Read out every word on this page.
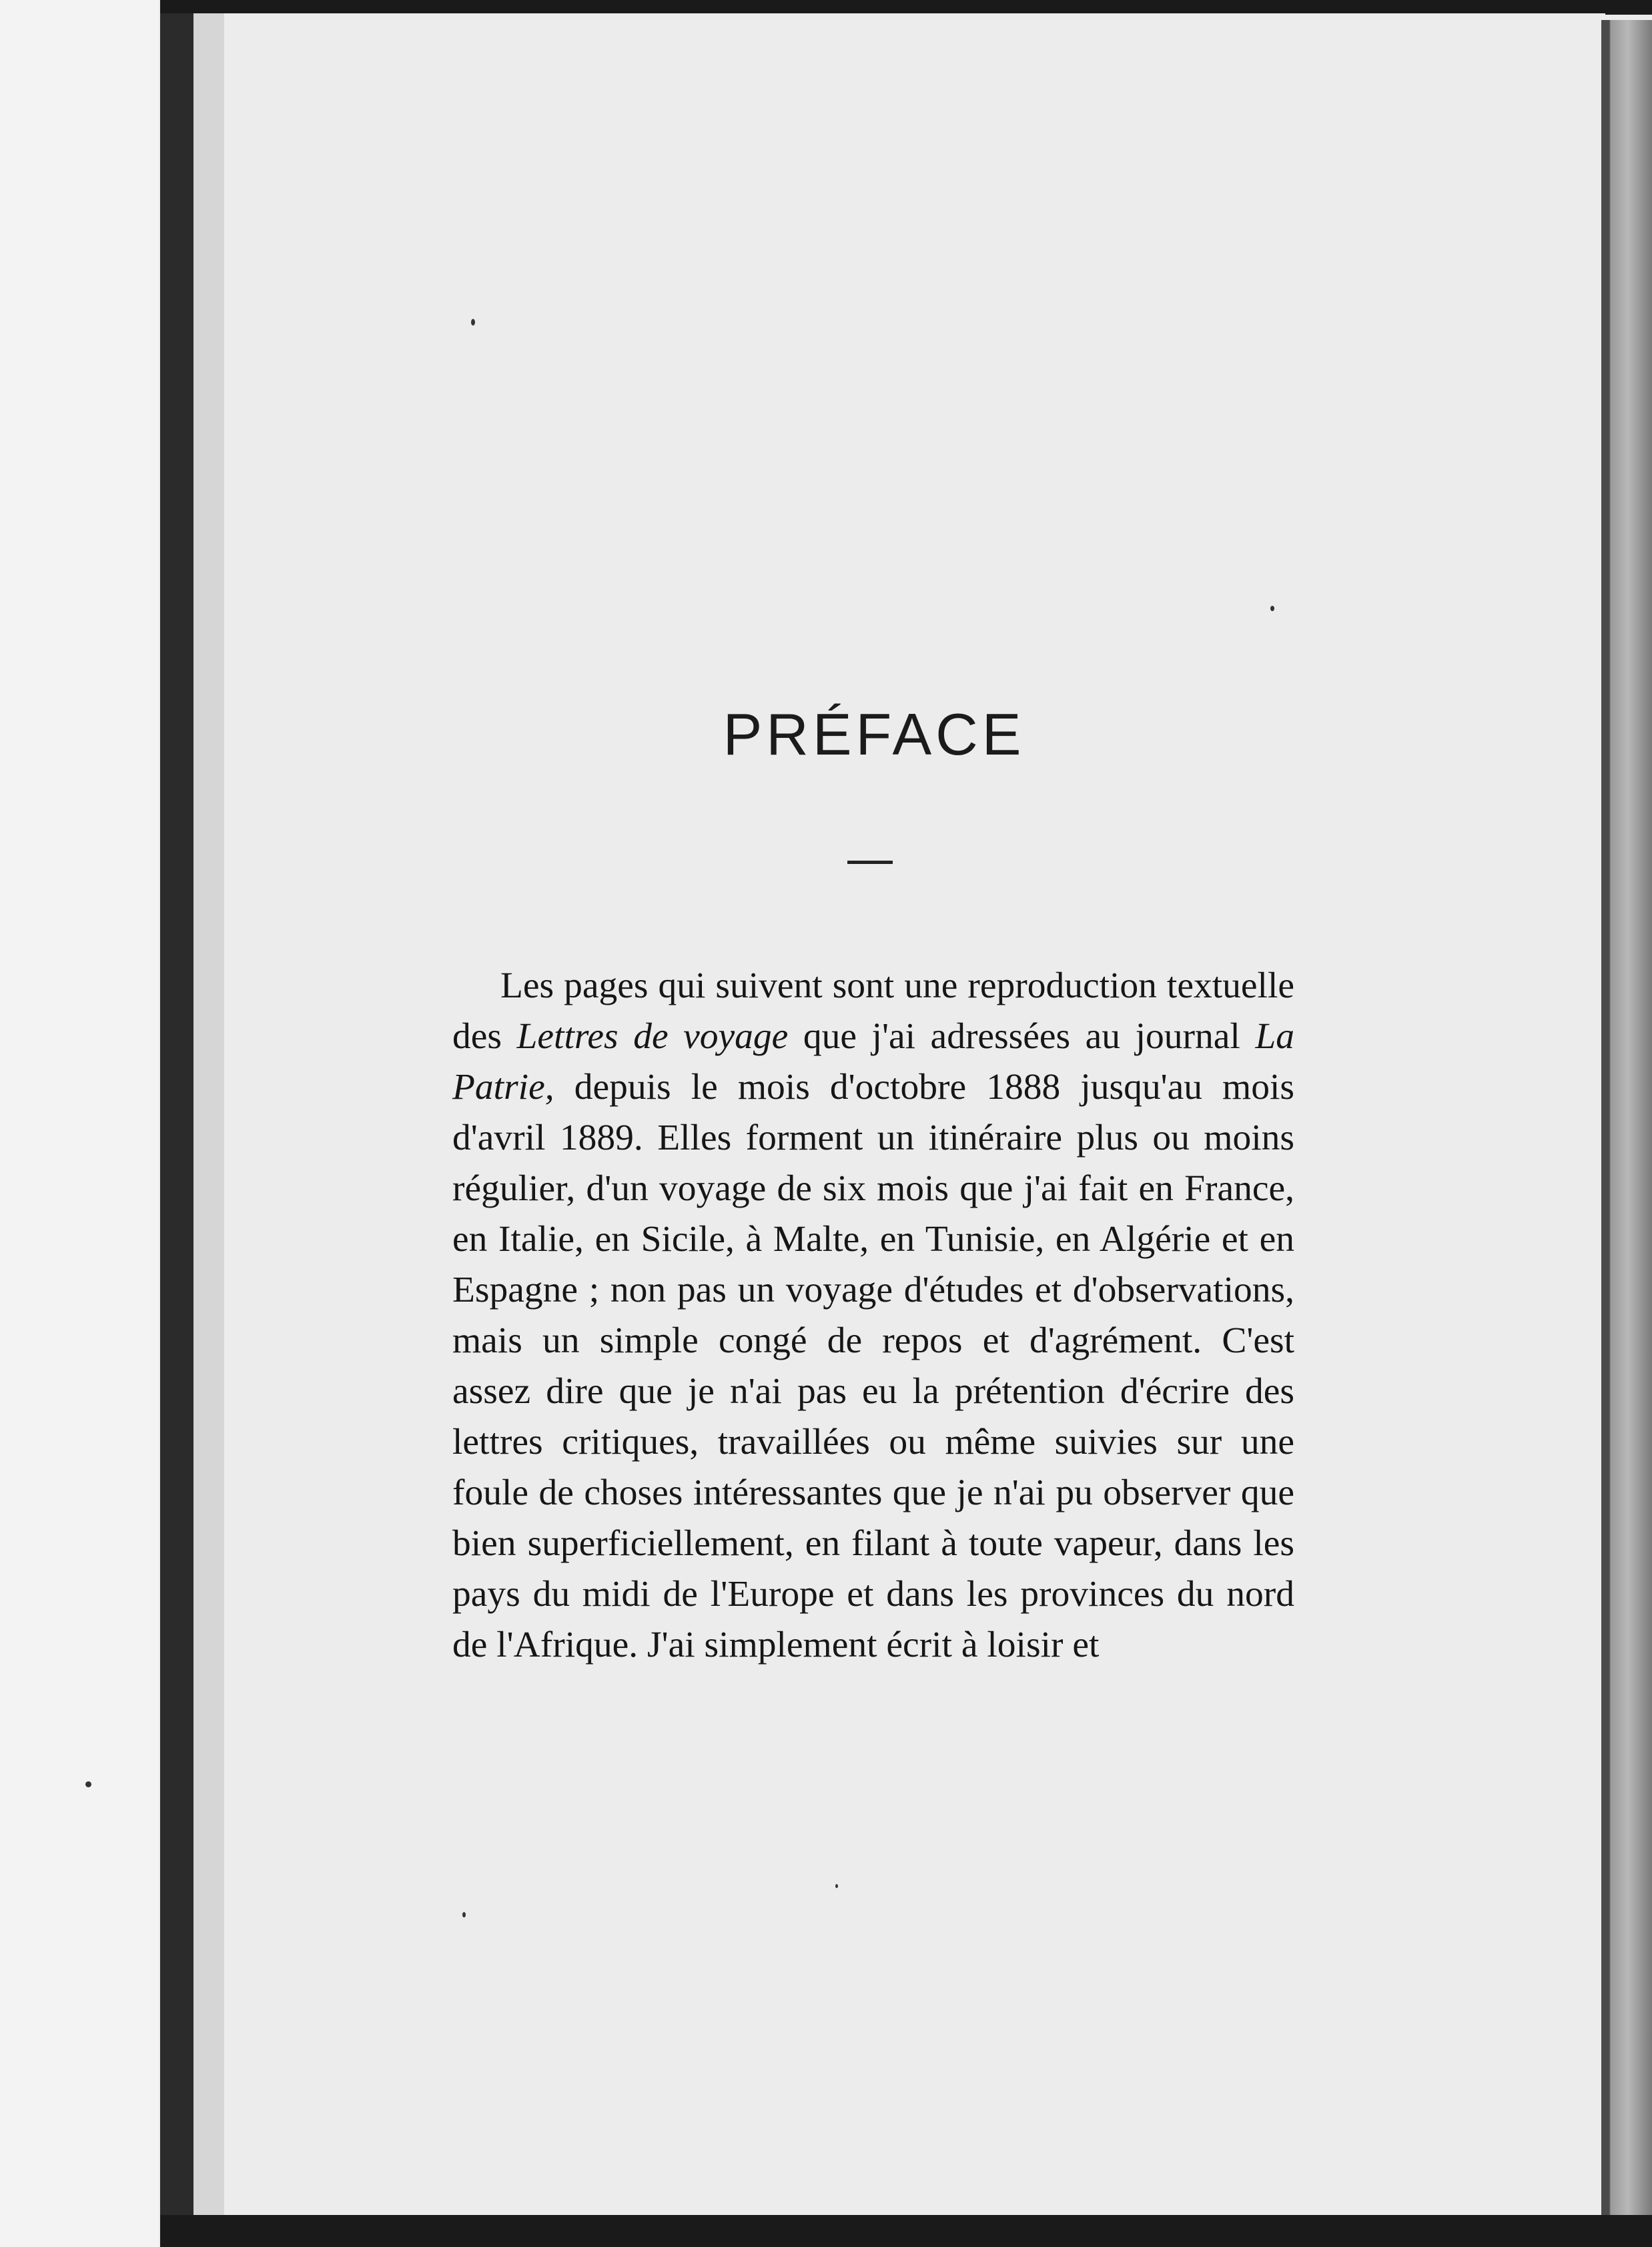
PRÉFACE

Les pages qui suivent sont une reproduction textuelle des Lettres de voyage que j'ai adressées au journal La Patrie, depuis le mois d'octobre 1888 jusqu'au mois d'avril 1889. Elles forment un itinéraire plus ou moins régulier, d'un voyage de six mois que j'ai fait en France, en Italie, en Sicile, à Malte, en Tunisie, en Algérie et en Espagne ; non pas un voyage d'études et d'observations, mais un simple congé de repos et d'agrément. C'est assez dire que je n'ai pas eu la prétention d'écrire des lettres critiques, travaillées ou même suivies sur une foule de choses intéressantes que je n'ai pu observer que bien superficiellement, en filant à toute vapeur, dans les pays du midi de l'Europe et dans les provinces du nord de l'Afrique. J'ai simplement écrit à loisir et
